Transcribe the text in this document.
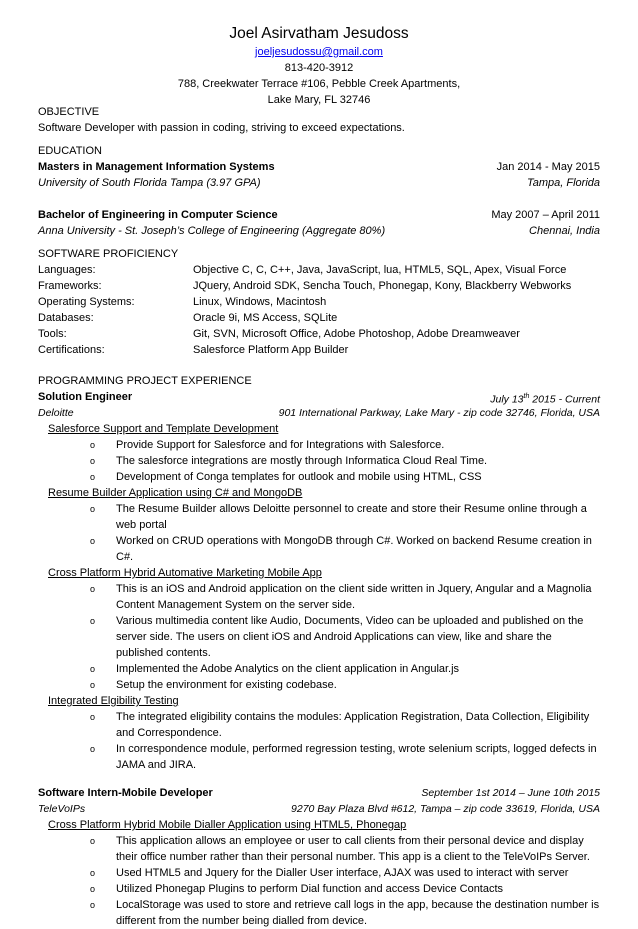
Joel Asirvatham Jesudoss
joeljesudossu@gmail.com
813-420-3912
788, Creekwater Terrace #106, Pebble Creek Apartments,
Lake Mary, FL 32746
OBJECTIVE
Software Developer with passion in coding, striving to exceed expectations.
EDUCATION
Masters in Management Information Systems	Jan 2014 - May 2015
University of South Florida Tampa (3.97 GPA)	Tampa, Florida
Bachelor of Engineering in Computer Science	May 2007 – April 2011
Anna University - St. Joseph’s College of Engineering (Aggregate 80%)	Chennai, India
SOFTWARE PROFICIENCY
Languages:	Objective C, C, C++, Java, JavaScript, lua, HTML5, SQL, Apex, Visual Force
Frameworks:	JQuery, Android SDK, Sencha Touch, Phonegap, Kony, Blackberry Webworks
Operating Systems:	Linux, Windows, Macintosh
Databases:	Oracle 9i, MS Access, SQLite
Tools:	Git, SVN, Microsoft Office, Adobe Photoshop, Adobe Dreamweaver
Certifications:	Salesforce Platform App Builder
PROGRAMMING PROJECT EXPERIENCE
Solution Engineer	July 13th 2015 - Current
Deloitte	901 International Parkway, Lake Mary - zip code 32746, Florida, USA
Salesforce Support and Template Development
o Provide Support for Salesforce and for Integrations with Salesforce.
o The salesforce integrations are mostly through Informatica Cloud Real Time.
o Development of Conga templates for outlook and mobile using HTML, CSS
Resume Builder Application using C# and MongoDB
o The Resume Builder allows Deloitte personnel to create and store their Resume online through a web portal
o Worked on CRUD operations with MongoDB through C#. Worked on backend Resume creation in C#.
Cross Platform Hybrid Automative Marketing Mobile App
o This is an iOS and Android application on the client side written in Jquery, Angular and a Magnolia Content Management System on the server side.
o Various multimedia content like Audio, Documents, Video can be uploaded and published on the server side. The users on client iOS and Android Applications can view, like and share the published contents.
o Implemented the Adobe Analytics on the client application in Angular.js
o Setup the environment for existing codebase.
Integrated Elgibility Testing
o The integrated eligibility contains the modules: Application Registration, Data Collection, Eligibility and Correspondence.
o In correspondence module, performed regression testing, wrote selenium scripts, logged defects in JAMA and JIRA.
Software Intern-Mobile Developer	September 1st 2014 – June 10th 2015
TeleVoIPs	9270 Bay Plaza Blvd #612, Tampa – zip code 33619, Florida, USA
Cross Platform Hybrid Mobile Dialler Application using HTML5, Phonegap
o This application allows an employee or user to call clients from their personal device and display their office number rather than their personal number. This app is a client to the TeleVoIPs Server.
o Used HTML5 and Jquery for the Dialler User interface, AJAX was used to interact with server
o Utilized Phonegap Plugins to perform Dial function and access Device Contacts
o LocalStorage was used to store and retrieve call logs in the app, because the destination number is different from the number being dialled from device.
